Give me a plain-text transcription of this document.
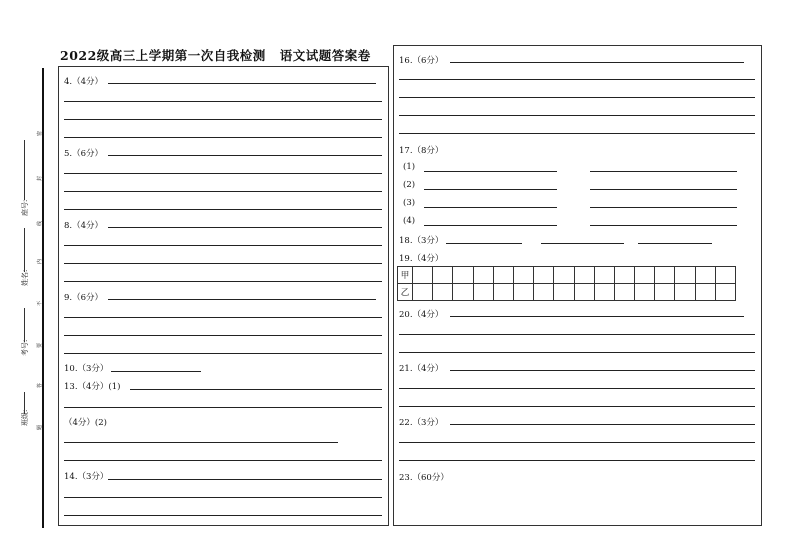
2022级高三上学期第一次自我检测 语文试题答案卷
班级:
考号:
姓名:
座号:
密
封
线
内
不
要
答
题
4.（4分）
5.（6分）
8.（4分）
9.（6分）
10.（3分）
13.（4分）(1)
（4分）(2)
14.（3分）
16.（6分）
17.（8分）
(1)
(2)
(3)
(4)
18.（3分）
19.（4分）
甲																
乙																
20.（4分）
21.（4分）
22.（3分）
23.（60分）
